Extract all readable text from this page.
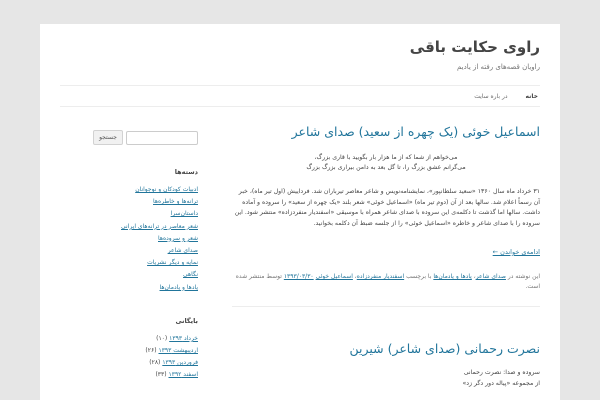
راوی حکایت باقی
راویان قصه‌های رفته از یادیم
خانه
در باره سایت
اسماعیل خوئی (یک چهره از سعید) صدای شاعر
می‌خواهم از شما که از ما هزار بار بگویید با قاری بزرگ،
می‌گرانم عشق بزرگ را، تا گل بعد به دامن بیراری بزرگ بزرگ

۳۱ خرداد ماه سال ۱۳۶۰ «سعید سلطانپور»، نمایشنامه‌نویس و شاعر معاصر تیرباران شد. فرداییش (اول تیر ماه)، خبر آن رسماً اعلام شد. سالها بعد از آن (دوم تیر ماه) «اسماعیل خوئی» شعر بلند «یک چهره از سعید» را سروده و آماده داشت. سالها اما گذشت تا دکلمه‌ی این سروده با صدای شاعر همراه با موسیقی «اسفندیار منفردزاده» منتشر شود. این سروده را با صدای شاعر و خاطره «اسماعیل خوئی» را از جلسه ضبط آن دکلمه بخوانید.

ادامه‌ی خواندن ←
این نوشته در صدای شاعر، یادها و یادمان‌ها با برچسب اسفندیار منفردزاده، اسماعیل خوئی ۱۳۹۳/۰۳/۳۰ توسط منتشر شده است.
نصرت رحمانی (صدای شاعر) شیرین

سروده و صدا: نصرت رحمانی

از مجموعه «پیاله دور دگر زد»

جستجو
دسته‌ها
ادبیات کودکان و نوجوانان
ترانه‌ها و خاطره‌ها
داستان‌سرا
شعر معاصر در ترانه‌های ایرانی
شعر و سروده‌ها
صدای شاعر
نمایه و دیگر نشریات
نگاهی
یادها و یادمان‌ها
بایگانی
خرداد ۱۳۹۳ (۱۰)
اردیبهشت ۱۳۹۳ (۲۶)
فروردین ۱۳۹۳ (۲۸)
اسفند ۱۳۹۲ (۳۳)
